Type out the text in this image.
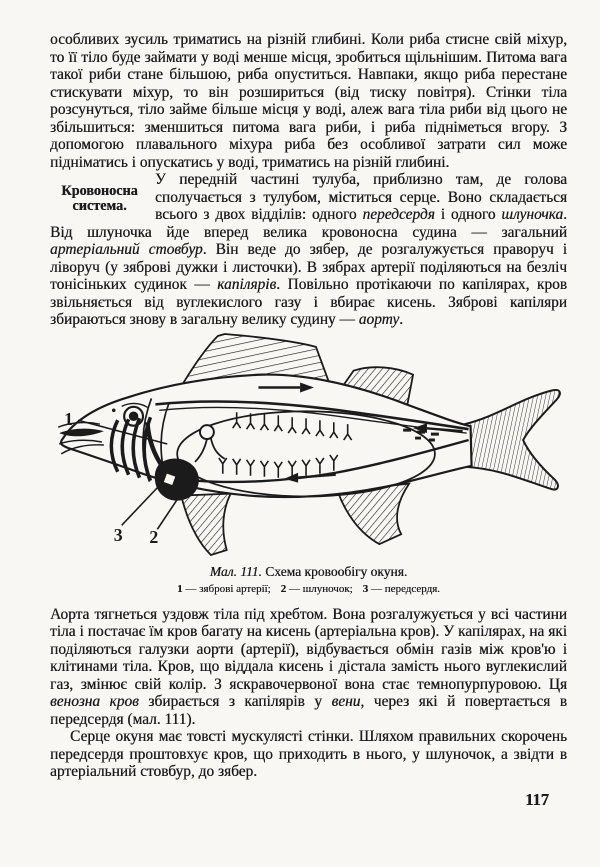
особливих зусиль триматись на різній глибині. Коли риба стисне свій міхур, то її тіло буде займати у воді менше місця, зробиться щільнішим. Питома вага такої риби стане більшою, риба опуститься. Навпаки, якщо риба перестане стискувати міхур, то він розшириться (від тиску повітря). Стінки тіла розсунуться, тіло займе більше місця у воді, алеж вага тіла риби від цього не збільшиться: зменшиться питома вага риби, і риба підніметься вгору. З допомогою плавального міхура риба без особливої затрати сил може підніматись і опускатись у воді, триматись на різній глибині.

Кровоносна система.
У передній частині тулуба, приблизно там, де голова сполучається з тулубом, міститься серце. Воно складається всього з двох відділів: одного передсердя і одного шлуночка. Від шлуночка йде вперед велика кровоносна судина — загальний артеріальний стовбур. Він веде до зябер, де розгалужується праворуч і ліворуч (у зяброві дужки і листочки). В зябрах артерії поділяються на безліч тонісіньких судинок — капілярів. Повільно протікаючи по капілярах, кров звільняється від вуглекислого газу і вбирає кисень. Зяброві капіляри збираються знову в загальну велику судину — аорту.
1
3 2
Мал. 111. Схема кровообігу окуня.
1 — зяброві артерії; 2 — шлуночок; 3 — передсердя.

Аорта тягнеться уздовж тіла під хребтом. Вона розгалужується у всі частини тіла і постачає їм кров багату на кисень (артеріальна кров). У капілярах, на які поділяються галузки аорти (артерії), відбувається обмін газів між кров'ю і клітинами тіла. Кров, що віддала кисень і дістала замість нього вуглекислий газ, змінює свій колір. З яскравочервоної вона стає темнопурпуровою. Ця венозна кров збирається з капілярів у вени, через які й повертається в передсердя (мал. 111).

Серце окуня має товсті мускулясті стінки. Шляхом правильних скорочень передсердя проштовхує кров, що приходить в нього, у шлуночок, а звідти в артеріальний стовбур, до зябер.

117
